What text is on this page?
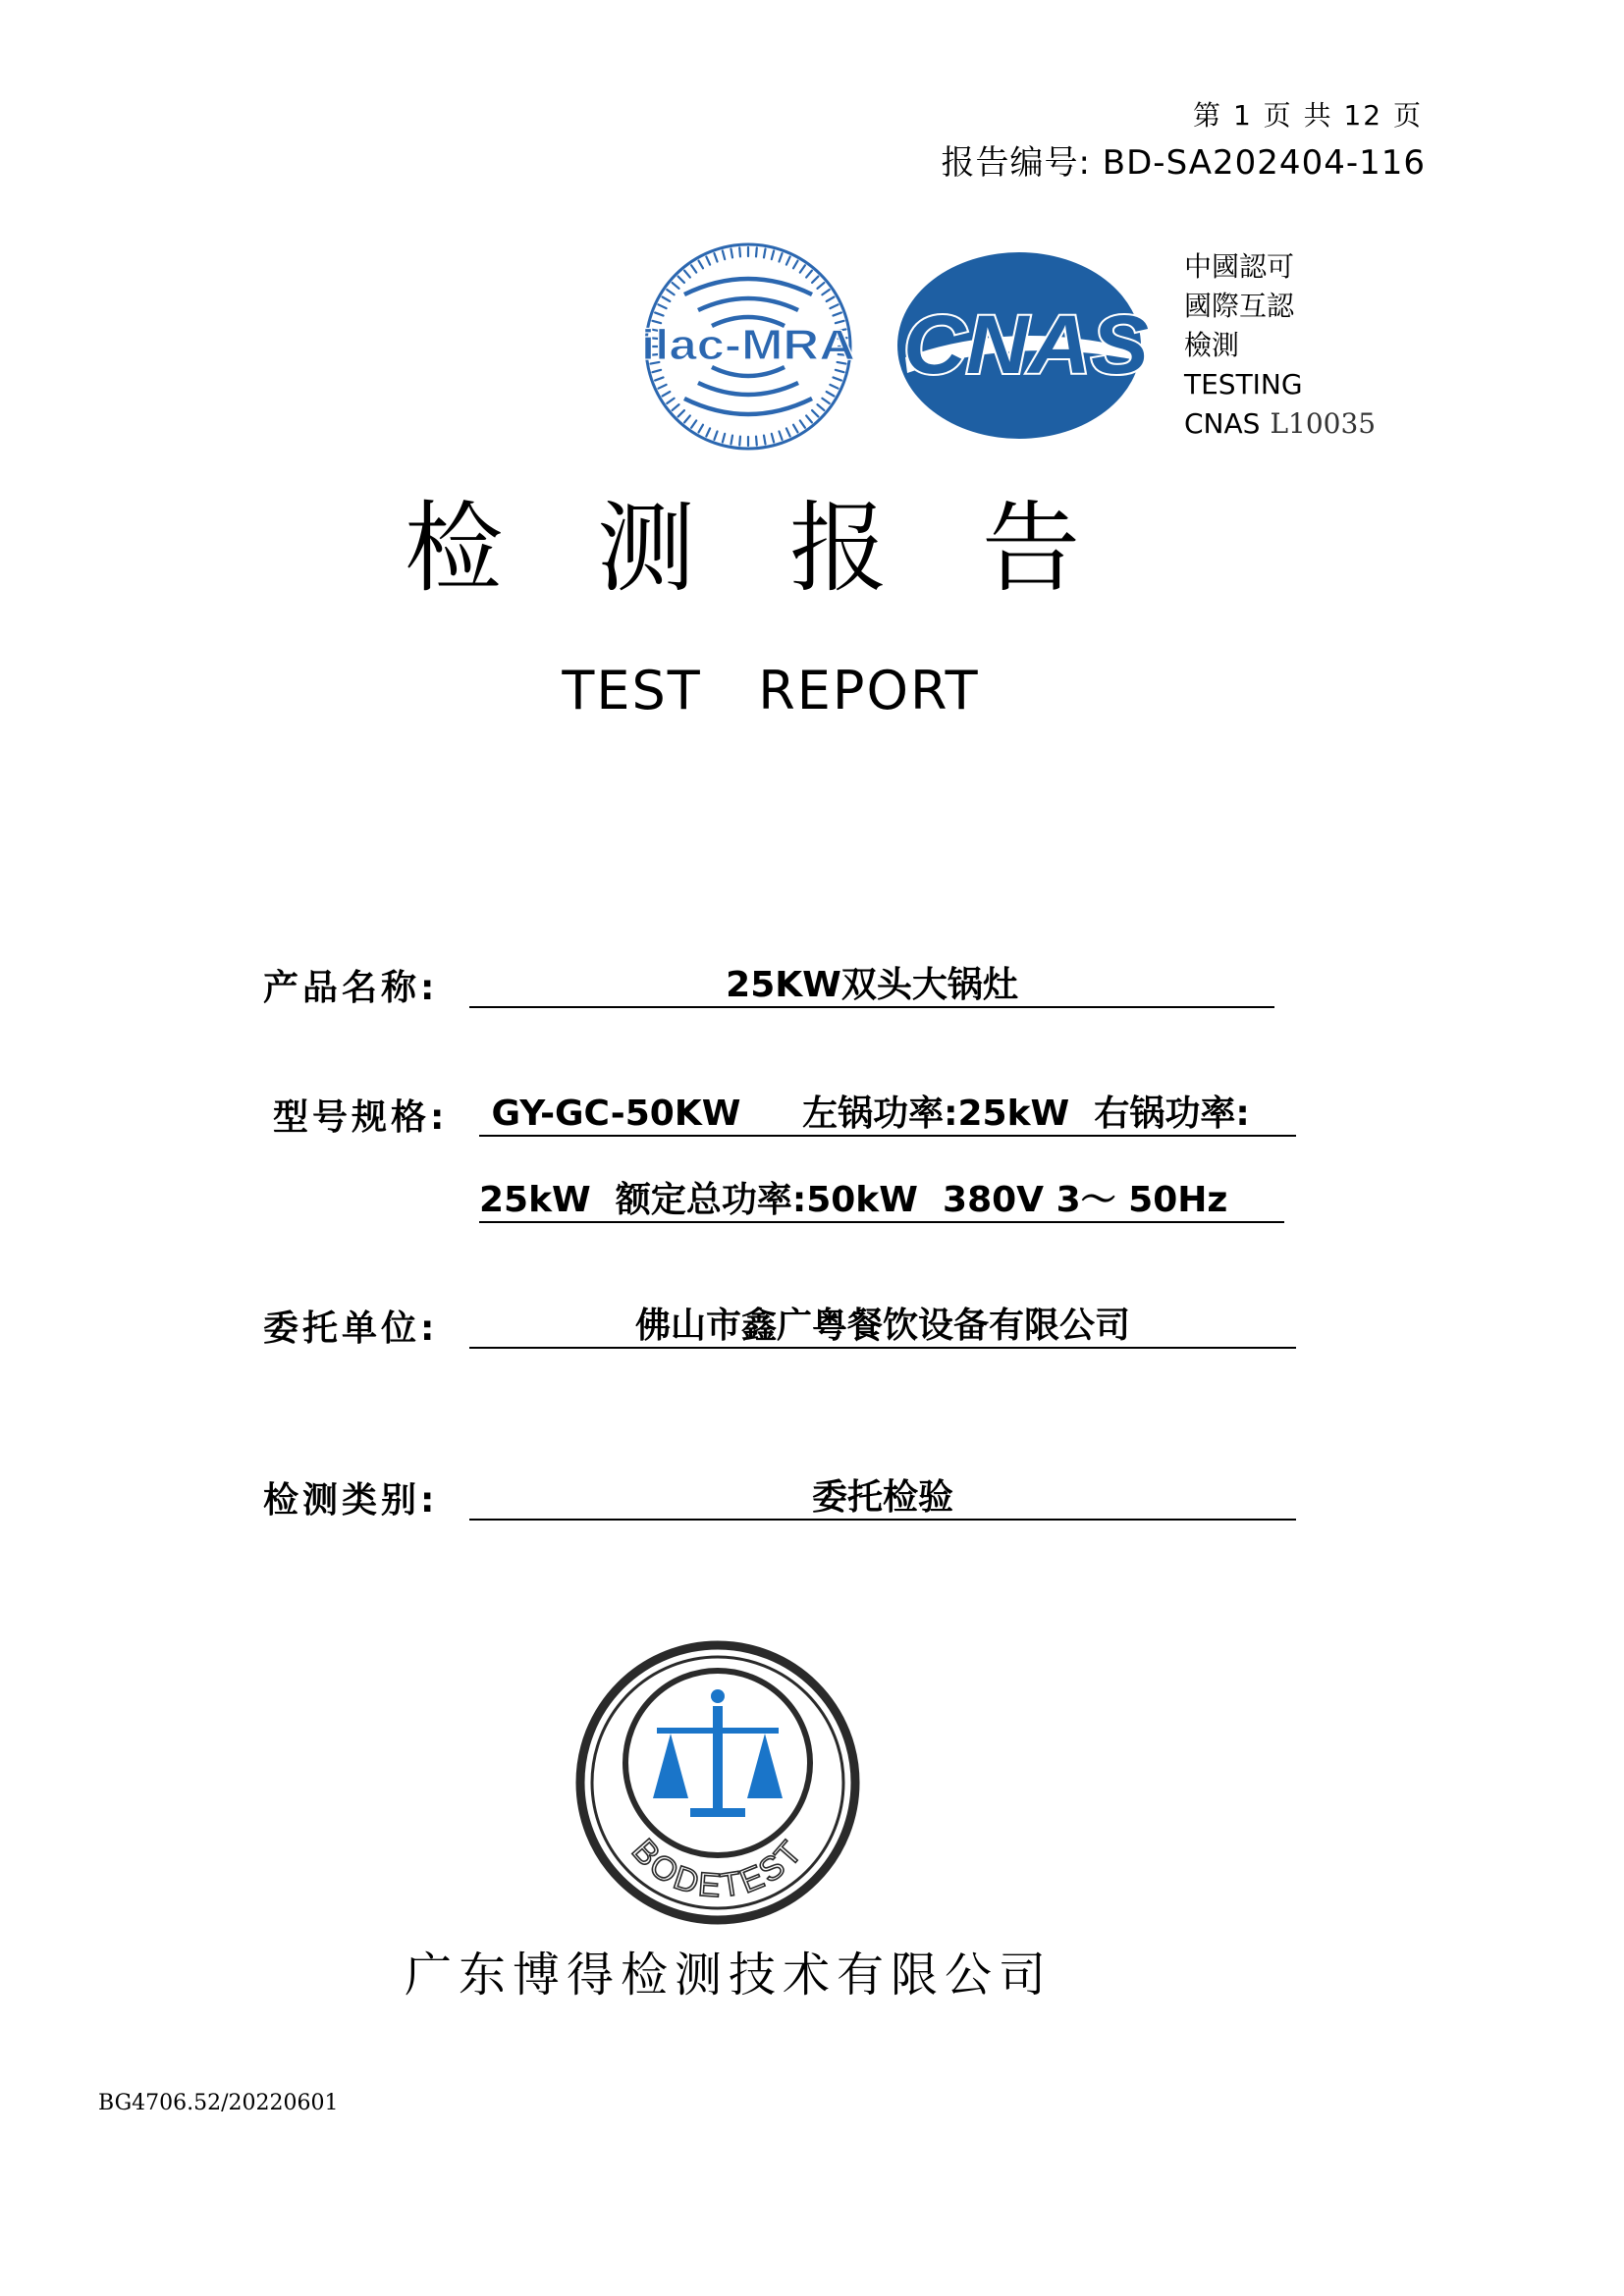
第 1 页 共 12 页
报告编号: BD-SA202404-116
ilac-MRA CNAS
中國認可
國際互認
檢測
TESTING
CNAS L10035
检测报告
TEST   REPORT
产品名称:	25KW双头大锅灶
型号规格: GY-GC-50KW     左锅功率:25kW  右锅功率:
25kW  额定总功率:50kW  380V 3～ 50Hz
委托单位:	佛山市鑫广粤餐饮设备有限公司
检测类别:	委托检验
BODETEST
广东博得检测技术有限公司
BG4706.52/20220601
